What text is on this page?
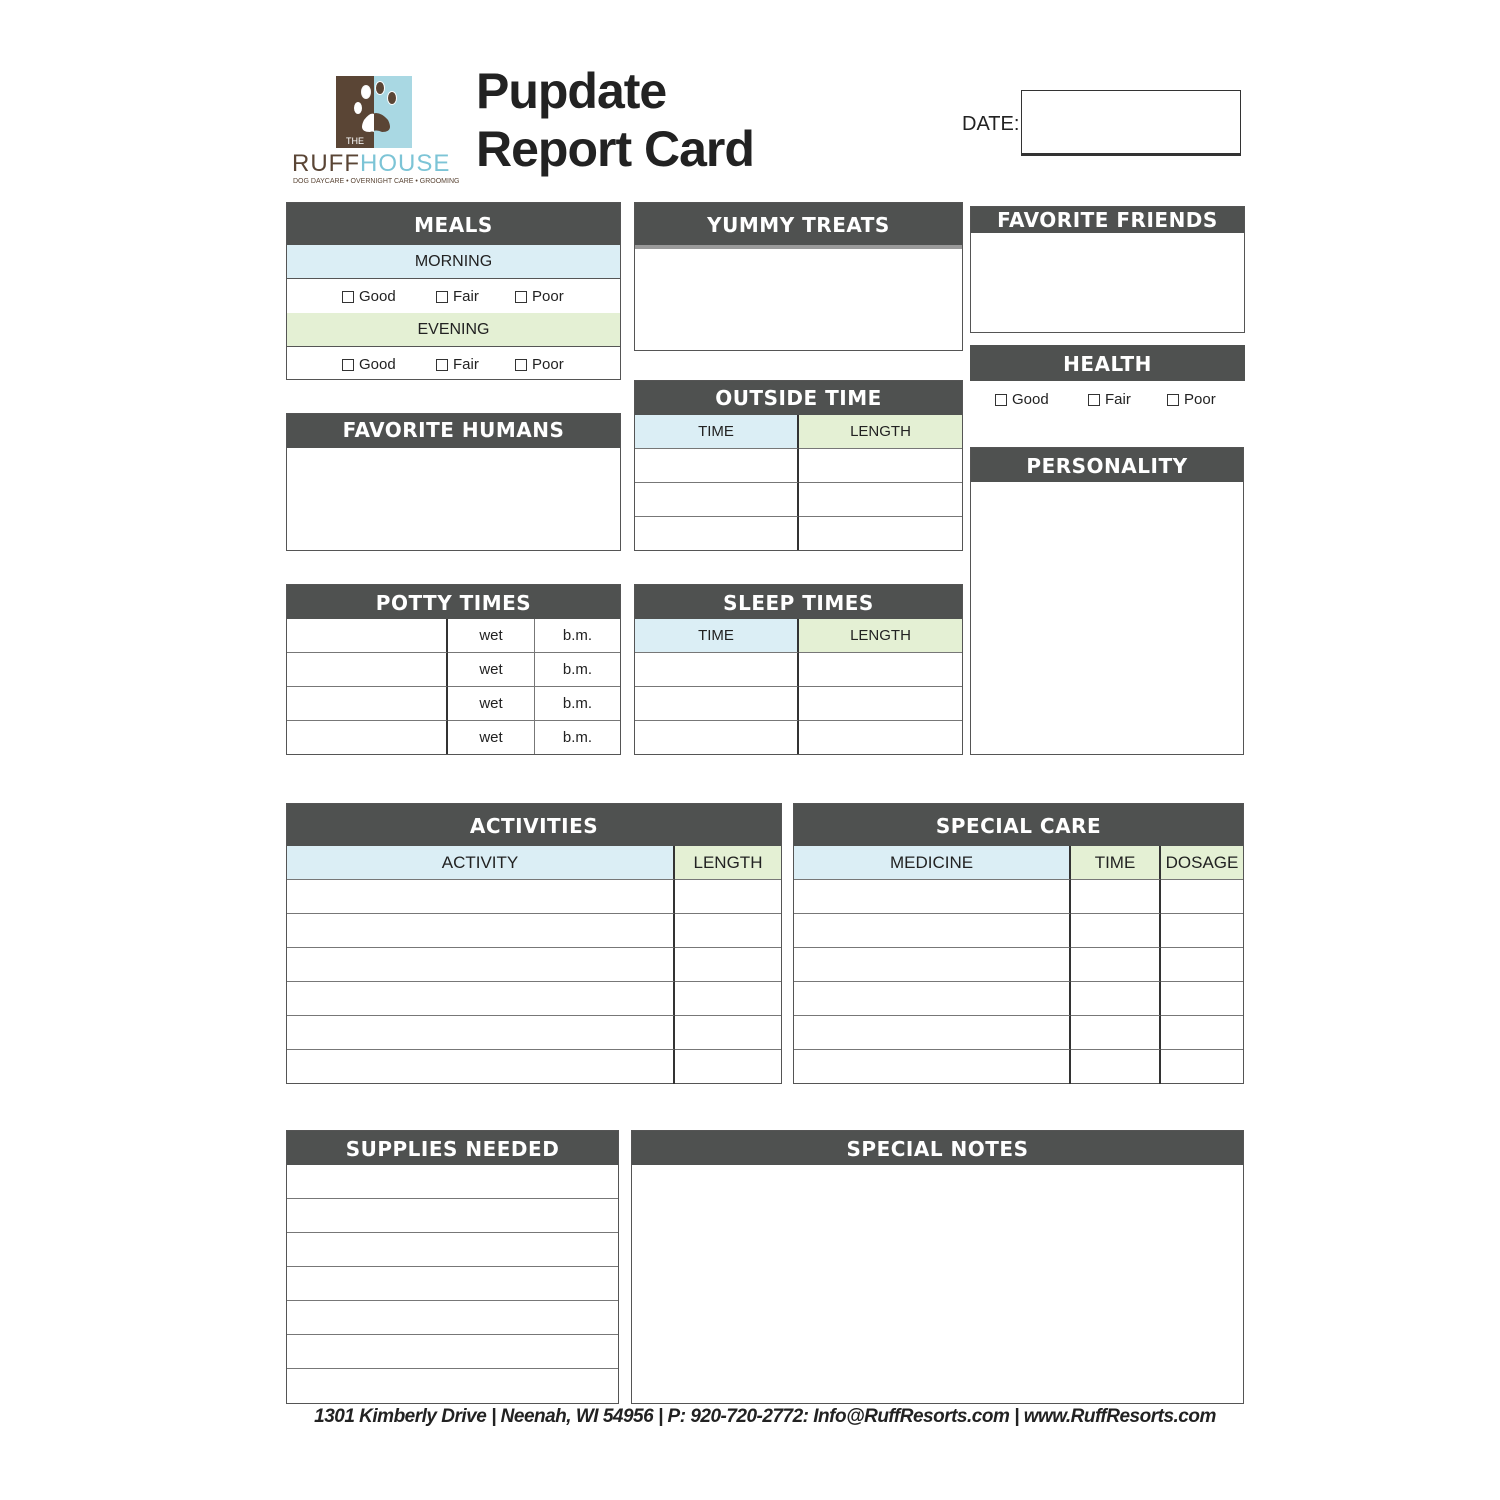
THE
RUFFHOUSE
DOG DAYCARE • OVERNIGHT CARE • GROOMING
Pupdate
Report Card	DATE:
MEALS
MORNING
Good	Fair	Poor
EVENING
Good	Fair	Poor
YUMMY TREATS	FAVORITE FRIENDS
HEALTH
Good	Fair	Poor
FAVORITE HUMANS
OUTSIDE TIME
TIME	LENGTH
PERSONALITY
POTTY TIMES
wet	b.m.
wet	b.m.
wet	b.m.
wet	b.m.
SLEEP TIMES
TIME	LENGTH
ACTIVITIES
ACTIVITY	LENGTH
SPECIAL CARE
MEDICINE	TIME	DOSAGE
SUPPLIES NEEDED	SPECIAL NOTES
1301 Kimberly Drive | Neenah, WI 54956 | P: 920-720-2772: Info@RuffResorts.com | www.RuffResorts.com
